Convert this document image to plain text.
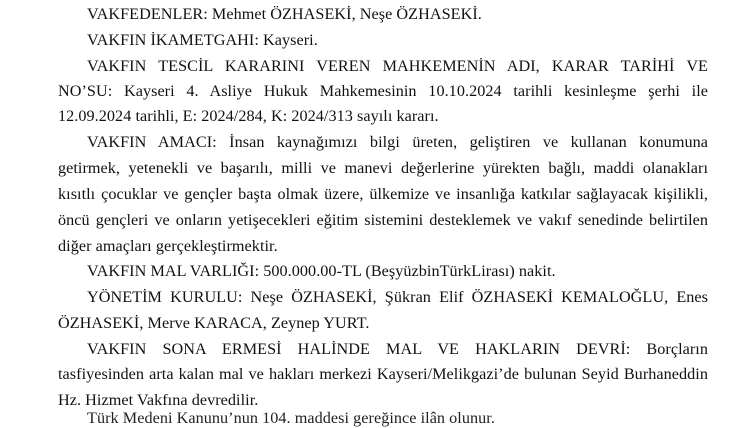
VAKFEDENLER: Mehmet ÖZHASEKİ, Neşe ÖZHASEKİ.
VAKFIN İKAMETGAHI: Kayseri.
VAKFIN TESCİL KARARINI VEREN MAHKEMENİN ADI, KARAR TARİHİ VE
NO’SU: Kayseri 4. Asliye Hukuk Mahkemesinin 10.10.2024 tarihli kesinleşme şerhi ile
12.09.2024 tarihli, E: 2024/284, K: 2024/313 sayılı kararı.
VAKFIN AMACI: İnsan kaynağımızı bilgi üreten, geliştiren ve kullanan konumuna
getirmek, yetenekli ve başarılı, milli ve manevi değerlerine yürekten bağlı, maddi olanakları
kısıtlı çocuklar ve gençler başta olmak üzere, ülkemize ve insanlığa katkılar sağlayacak kişilikli,
öncü gençleri ve onların yetişecekleri eğitim sistemini desteklemek ve vakıf senedinde belirtilen
diğer amaçları gerçekleştirmektir.
VAKFIN MAL VARLIĞI: 500.000.00-TL (BeşyüzbinTürkLirası) nakit.
YÖNETİM KURULU: Neşe ÖZHASEKİ, Şükran Elif ÖZHASEKİ KEMALOĞLU, Enes
ÖZHASEKİ, Merve KARACA, Zeynep YURT.
VAKFIN SONA ERMESİ HALİNDE MAL VE HAKLARIN DEVRİ: Borçların
tasfiyesinden arta kalan mal ve hakları merkezi Kayseri/Melikgazi’de bulunan Seyid Burhaneddin
Hz. Hizmet Vakfına devredilir.
Türk Medeni Kanunu’nun 104. maddesi gereğince ilân olunur.
